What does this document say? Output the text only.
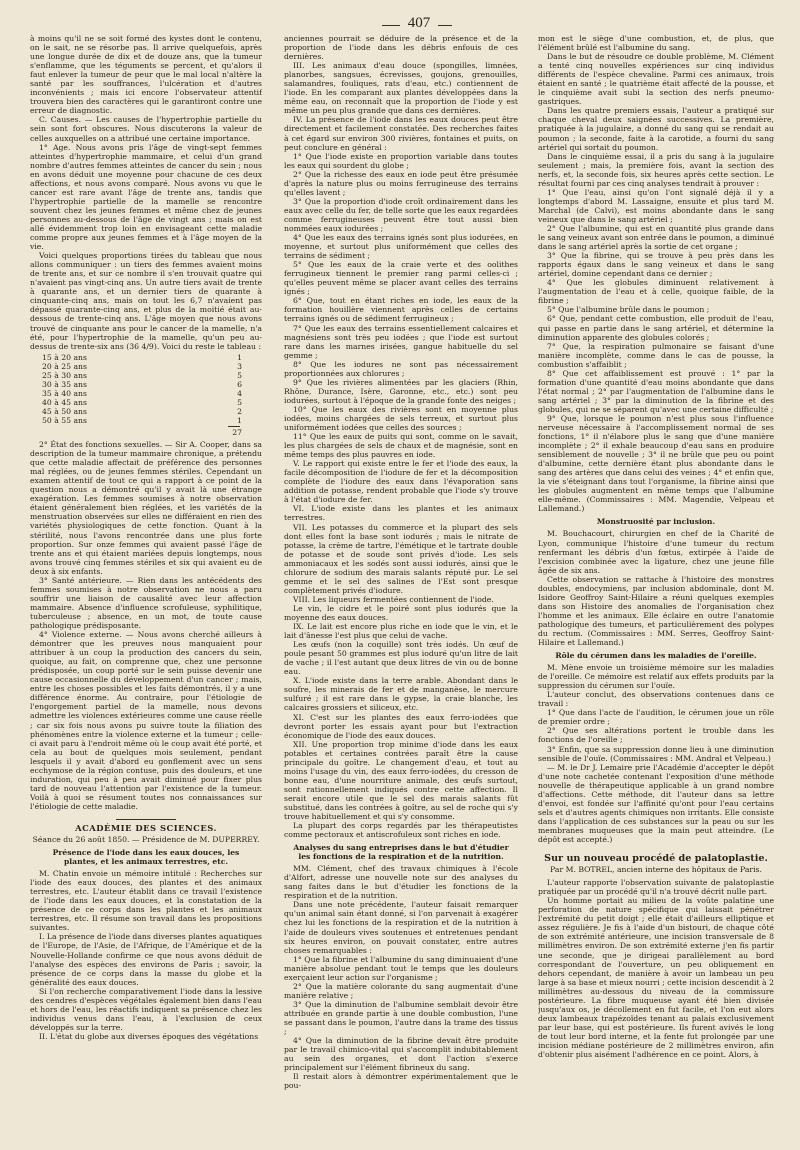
407

à moins qu'il ne se soit formé des kystes dont le contenu, on le sait, ne se résorbe pas. Il arrive quelquefois, après une longue durée de dix et de douze ans, que la tumeur s'enflamme, que les téguments se percent, et qu'alors il faut enlever la tumeur de peur que le mal local n'altère la santé par les souffrances, l'ulcération et d'autres inconvénients ; mais ici encore l'observateur attentif trouvera bien des caractères qui le garantiront contre une erreur de diagnostic.

C. Causes. — Les causes de l'hypertrophie partielle du sein sont fort obscures. Nous discuterons la valeur de celles auxquelles on a attribué une certaine importance.

1° Age. Nous avons pris l'âge de vingt-sept femmes atteintes d'hypertrophie mammaire, et celui d'un grand nombre d'autres femmes atteintes de cancer du sein ; nous en avons déduit une moyenne pour chacune de ces deux affections, et nous avons comparé. Nous avons vu que le cancer est rare avant l'âge de trente ans, tandis que l'hypertrophie partielle de la mamelle se rencontre souvent chez les jeunes femmes et même chez de jeunes personnes au-dessous de l'âge de vingt ans ; mais on est allé évidemment trop loin en envisageant cette maladie comme propre aux jeunes femmes et à l'âge moyen de la vie.

Voici quelques proportions tirées du tableau que nous allons communiquer : un tiers des femmes avaient moins de trente ans, et sur ce nombre il s'en trouvait quatre qui n'avaient pas vingt-cinq ans. Un autre tiers avait de trente à quarante ans, et un dernier tiers de quarante à cinquante-cinq ans, mais on tout les 6,7 n'avaient pas dépassé quarante-cinq ans, et plus de la moitié était au-dessous de trente-cinq ans. L'âge moyen que nous avons trouvé de cinquante ans pour le cancer de la mamelle, n'a été, pour l'hypertrophie de la mamelle, qu'un peu au-dessus de trente-six ans (36 4/9). Voici du reste le tableau :

15 à 20 ans	1
20 à 25 ans	3
25 à 30 ans	5
30 à 35 ans	6
35 à 40 ans	4
40 à 45 ans	5
45 à 50 ans	2
50 à 55 ans	1
27

2° État des fonctions sexuelles. — Sir A. Cooper, dans sa description de la tumeur mammaire chronique, a prétendu que cette maladie affectait de préférence des personnes mal réglées, ou de jeunes femmes stériles. Cependant un examen attentif de tout ce qui a rapport à ce point de la question nous a démontré qu'il y avait là une étrange exagération. Les femmes soumises à notre observation étaient généralement bien réglées, et les variétés de la menstruation observées sur elles ne différaient en rien des variétés physiologiques de cette fonction. Quant à la stérilité, nous l'avons rencontrée dans une plus forte proportion. Sur onze femmes qui avaient passé l'âge de trente ans et qui étaient mariées depuis longtemps, nous avons trouvé cinq femmes stériles et six qui avaient eu de deux à six enfants.

3° Santé antérieure. — Rien dans les antécédents des femmes soumises à notre observation ne nous a paru souffrir une liaison de causalité avec leur affection mammaire. Absence d'influence scrofuleuse, syphilitique, tuberculeuse ; absence, en un mot, de toute cause pathologique prédisposante.

4° Violence externe. — Nous avons cherché ailleurs à démontrer que les preuves nous manquaient pour attribuer à un coup la production des cancers du sein, quoique, au fait, on comprenne que, chez une personne prédisposée, un coup porté sur le sein puisse devenir une cause occasionnelle du développement d'un cancer ; mais, entre les choses possibles et les faits démontrés, il y a une différence énorme. Au contraire, pour l'étiologie de l'engorgement partiel de la mamelle, nous devons admettre les violences extérieures comme une cause réelle ; car six fois nous avons pu suivre toute la filiation des phénomènes entre la violence externe et la tumeur ; celle-ci avait paru à l'endroit même où le coup avait été porté, et cela au bout de quelques mois seulement, pendant lesquels il y avait d'abord eu gonflement avec un sens ecchymose de la région contuse, puis des douleurs, et une induration, qui peu à peu avait diminué pour fixer plus tard de nouveau l'attention par l'existence de la tumeur. Voilà à quoi se résument toutes nos connaissances sur l'étiologie de cette maladie.

ACADÉMIE DES SCIENCES.
Séance du 26 août 1850. — Présidence de M. DUPERREY.
Présence de l'iode dans les eaux douces, les plantes, et les animaux terrestres, etc.

M. Chatin envoie un mémoire intitulé : Recherches sur l'iode des eaux douces, des plantes et des animaux terrestres, etc. L'auteur établit dans ce travail l'existence de l'iode dans les eaux douces, et la constatation de la présence de ce corps dans les plantes et les animaux terrestres, etc. Il résume son travail dans les propositions suivantes.

I. La présence de l'iode dans diverses plantes aquatiques de l'Europe, de l'Asie, de l'Afrique, de l'Amérique et de la Nouvelle-Hollande confirme ce que nous avons déduit de l'analyse des espèces des environs de Paris ; savoir, la présence de ce corps dans la masse du globe et la généralité des eaux douces.

Si l'on recherche comparativement l'iode dans la lessive des cendres d'espèces végétales également bien dans l'eau et hors de l'eau, les réactifs indiquent sa présence chez les individus venus dans l'eau, à l'exclusion de ceux développés sur la terre.

II. L'état du globe aux diverses époques des végétations

anciennes pourrait se déduire de la présence et de la proportion de l'iode dans les débris enfouis de ces dernières.

III. Les animaux d'eau douce (spongilles, limnées, planorbes, sangsues, écrevisses, goujons, grenouilles, salamandres, fouliques, rats d'eau, etc.) contiennent de l'iode. En les comparant aux plantes développées dans la même eau, on reconnaît que la proportion de l'iode y est même un peu plus grande que dans ces dernières.

IV. La présence de l'iode dans les eaux douces peut être directement et facilement constatée. Des recherches faites à cet égard sur environ 300 rivières, fontaines et puits, on peut conclure en général :

1° Que l'iode existe en proportion variable dans toutes les eaux qui sourdent du globe ;

2° Que la richesse des eaux en iode peut être présumée d'après la nature plus ou moins ferrugineuse des terrains qu'elles lavent ;

3° Que la proportion d'iode croît ordinairement dans les eaux avec celle du fer, de telle sorte que les eaux regardées comme ferrugineuses peuvent être tout aussi bien nommées eaux iodurées ;

4° Que les eaux des terrains ignés sont plus iodurées, en moyenne, et surtout plus uniformément que celles des terrains de sédiment ;

5° Que les eaux de la craie verte et des oolithes ferrugineux tiennent le premier rang parmi celles-ci ; qu'elles peuvent même se placer avant celles des terrains ignés ;

6° Que, tout en étant riches en iode, les eaux de la formation houillère viennent après celles de certains terrains ignés ou de sédiment ferrugineux ;

7° Que les eaux des terrains essentiellement calcaires et magnésiens sont très peu iodées ; que l'iode est surtout rare dans les marnes irisées, gangue habituelle du sel gemme ;

8° Que les iodures ne sont pas nécessairement proportionnées aux chlorures ;

9° Que les rivières alimentées par les glaciers (Rhin, Rhône, Durance, Isère, Garonne, etc., etc.) sont peu iodurées, surtout à l'époque de la grande fonte des neiges ;

10° Que les eaux des rivières sont en moyenne plus iodées, moins chargées de sels terreux, et surtout plus uniformément iodées que celles des sources ;

11° Que les eaux de puits qui sont, comme on le savait, les plus chargées de sels de chaux et de magnésie, sont en même temps des plus pauvres en iode.

V. Le rapport qui existe entre le fer et l'iode des eaux, la facile décomposition de l'iodure de fer et la décomposition complète de l'iodure des eaux dans l'évaporation sans addition de potasse, rendent probable que l'iode s'y trouve à l'état d'iodure de fer.

VI. L'iode existe dans les plantes et les animaux terrestres.

VII. Les potasses du commerce et la plupart des sels dont elles font la base sont iodurés ; mais le nitrate de potasse, la crème de tartre, l'émétique et le tartrate double de potasse et de soude sont privés d'iode. Les sels ammoniacaux et les sodés sont aussi iodurés, ainsi que le chlorure de sodium des marais salants réputé pur. Le sel gemme et le sel des salines de l'Est sont presque complètement privés d'iodure.

VIII. Les liqueurs fermentées contiennent de l'iode.

Le vin, le cidre et le poiré sont plus iodurés que la moyenne des eaux douces.

IX. Le lait est encore plus riche en iode que le vin, et le lait d'ânesse l'est plus que celui de vache.

Les œufs (non la coquille) sont très iodés. Un œuf de poule pesant 50 grammes est plus ioduré qu'un litre de lait de vache ; il l'est autant que deux litres de vin ou de bonne eau.

X. L'iode existe dans la terre arable. Abondant dans le soufre, les minerais de fer et de manganèse, le mercure sulfuré ; il est rare dans le gypse, la craie blanche, les calcaires grossiers et siliceux, etc.

XI. C'est sur les plantes des eaux ferro-iodées que devront porter les essais ayant pour but l'extraction économique de l'iode des eaux douces.

XII. Une proportion trop minime d'iode dans les eaux potables et certaines contrées paraît être la cause principale du goître. Le changement d'eau, et tout au moins l'usage du vin, des eaux ferro-iodées, du cresson de bonne eau, d'une nourriture animale, des œufs surtout, sont rationnellement indiqués contre cette affection. Il serait encore utile que le sel des marais salants fût substitué, dans les contrées à goître, au sel de roche qui s'y trouve habituellement et qui s'y consomme.

La plupart des corps regardés par les thérapeutistes comme pectoraux et antiscrofuleux sont riches en iode.

Analyses du sang entreprises dans le but d'étudier les fonctions de la respiration et de la nutrition.

MM. Clément, chef des travaux chimiques à l'école d'Alfort, adresse une nouvelle note sur des analyses du sang faites dans le but d'étudier les fonctions de la respiration et de la nutrition.

Dans une note précédente, l'auteur faisait remarquer qu'un animal sain étant donné, si l'on parvenait à exagérer chez lui les fonctions de la respiration et de la nutrition à l'aide de douleurs vives soutenues et entretenues pendant six heures environ, on pouvait constater, entre autres choses remarquables :

1° Que la fibrine et l'albumine du sang diminuaient d'une manière absolue pendant tout le temps que les douleurs exerçaient leur action sur l'organisme ;

2° Que la matière colorante du sang augmentait d'une manière relative ;

3° Que la diminution de l'albumine semblait devoir être attribuée en grande partie à une double combustion, l'une se passant dans le poumon, l'autre dans la trame des tissus ;

4° Que la diminution de la fibrine devait être produite par le travail chimico-vital qui s'accomplit indubitablement au sein des organes, et dont l'action s'exerce principalement sur l'élément fibrineux du sang.

Il restait alors à démontrer expérimentalement que le pou-

mon est le siège d'une combustion, et, de plus, que l'élément brûlé est l'albumine du sang.

Dans le but de résoudre ce double problème, M. Clément a tenté cinq nouvelles expériences sur cinq individus différents de l'espèce chevaline. Parmi ces animaux, trois étaient en santé ; le quatrième était affecté de la pousse, et le cinquième avait subi la section des nerfs pneumo-gastriques.

Dans les quatre premiers essais, l'auteur a pratiqué sur chaque cheval deux saignées successives. La première, pratiquée à la jugulaire, a donné du sang qui se rendait au poumon ; la seconde, faite à la carotide, a fourni du sang artériel qui sortait du poumon.

Dans le cinquième essai, il a pris du sang à la jugulaire seulement ; mais, la première fois, avant la section des nerfs, et, la seconde fois, six heures après cette section. Le résultat fourni par ces cinq analyses tendrait à prouver :

1° Que l'eau, ainsi qu'on l'ont signalé déjà il y a longtemps d'abord M. Lassaigne, ensuite et plus tard M. Marchal (de Calvi), est moins abondante dans le sang veineux que dans le sang artériel ;

2° Que l'albumine, qui est en quantité plus grande dans le sang veineux avant son entrée dans le poumon, a diminué dans le sang artériel après la sortie de cet organe ;

3° Que la fibrine, qui se trouve à peu près dans les rapports égaux dans le sang veineux et dans le sang artériel, domine cependant dans ce dernier ;

4° Que les globules diminuent relativement à l'augmentation de l'eau et à celle, quoique faible, de la fibrine ;

5° Que l'albumine brûle dans le poumon ;

6° Que, pendant cette combustion, elle produit de l'eau, qui passe en partie dans le sang artériel, et détermine la diminution apparente des globules colorés ;

7° Que, la respiration pulmonaire se faisant d'une manière incomplète, comme dans le cas de pousse, la combustion s'affaiblit ;

8° Que cet affaiblissement est prouvé : 1° par la formation d'une quantité d'eau moins abondante que dans l'état normal ; 2° par l'augmentation de l'albumine dans le sang artériel ; 3° par la diminution de la fibrine et des globules, qui ne se séparent qu'avec une certaine difficulté ;

9° Que, lorsque le poumon n'est plus sous l'influence nerveuse nécessaire à l'accomplissement normal de ses fonctions, 1° il n'élabore plus le sang que d'une manière incomplète ; 2° il exhale beaucoup d'eau sans en produire sensiblement de nouvelle ; 3° il ne brûle que peu ou point d'albumine, cette dernière étant plus abondante dans le sang des artères que dans celui des veines ; 4° et enfin que, la vie s'éteignant dans tout l'organisme, la fibrine ainsi que les globules augmentent en même temps que l'albumine elle-même. (Commissaires : MM. Magendie, Velpeau et Lallemand.)

Monstruosité par inclusion.

M. Bouchacourt, chirurgien en chef de la Charité de Lyon, communique l'histoire d'une tumeur du rectum renfermant les débris d'un fœtus, extirpée à l'aide de l'excision combinée avec la ligature, chez une jeune fille âgée de six ans.

Cette observation se rattache à l'histoire des monstres doubles, endocymiens, par inclusion abdominale, dont M. Isidore Geoffroy Saint-Hilaire a réuni quelques exemples dans son Histoire des anomalies de l'organisation chez l'homme et les animaux. Elle éclaire en outre l'anatomie pathologique des tumeurs, et particulièrement des polypes du rectum. (Commissaires : MM. Serres, Geoffroy Saint-Hilaire et Lallemand.)

Rôle du cérumen dans les maladies de l'oreille.

M. Mène envoie un troisième mémoire sur les maladies de l'oreille. Ce mémoire est relatif aux effets produits par la suppression du cérumen sur l'ouïe.

L'auteur conclut, des observations contenues dans ce travail :

1° Que dans l'acte de l'audition, le cérumen joue un rôle de premier ordre ;

2° Que ses altérations portent le trouble dans les fonctions de l'oreille ;

3° Enfin, que sa suppression donne lieu à une diminution sensible de l'ouïe. (Commissaires : MM. Andral et Velpeau.)

— M. le Dr J. Lemaire prie l'Académie d'accepter le dépôt d'une note cachetée contenant l'exposition d'une méthode nouvelle de thérapeutique applicable à un grand nombre d'affections. Cette méthode, dit l'auteur dans sa lettre d'envoi, est fondée sur l'affinité qu'ont pour l'eau certains sels et d'autres agents chimiques non irritants. Elle consiste dans l'application de ces substances sur la peau ou sur les membranes muqueuses que la main peut atteindre. (Le dépôt est accepté.)

Sur un nouveau procédé de palatoplastie.
Par M. BOTREL, ancien interne des hôpitaux de Paris.

L'auteur rapporte l'observation suivante de palatoplastie pratiquée par un procédé qu'il n'a trouvé décrit nulle part.

Un homme portait au milieu de la voûte palatine une perforation de nature spécifique qui laissait pénétrer l'extrémité du petit doigt ; elle était d'ailleurs elliptique et assez régulière. Je fis à l'aide d'un bistouri, de chaque côté de son extrémité antérieure, une incision transversale de 8 millimètres environ. De son extrémité externe j'en fis partir une seconde, que je dirigeai parallèlement au bord correspondant de l'ouverture, un peu obliquement en dehors cependant, de manière à avoir un lambeau un peu large à sa base et mieux nourri ; cette incision descendit à 2 millimètres au-dessous du niveau de la commissure postérieure. La fibre muqueuse ayant été bien divisée jusqu'aux os, je décollement en fut facile, et l'on eut alors deux lambeaux trapézoïdes tenant au palais exclusivement par leur base, qui est postérieure. Ils furent avivés le long de tout leur bord interne, et la fente fut prolongée par une incision médiane postérieure de 2 millimètres environ, afin d'obtenir plus aisément l'adhérence en ce point. Alors, à
